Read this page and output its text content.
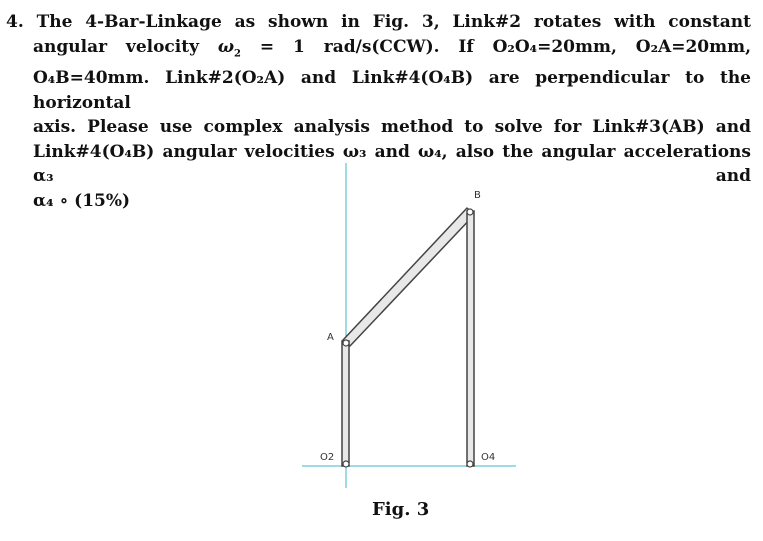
4. The 4-Bar-Linkage as shown in Fig. 3, Link#2 rotates with constant
angular velocity $\omega_2 = 1$ rad/s(CCW). If O₂O₄=20mm, O₂A=20mm,
O₄B=40mm. Link#2(O₂A) and Link#4(O₄B) are perpendicular to the horizontal
axis. Please use complex analysis method to solve for Link#3(AB) and
Link#4(O₄B) angular velocities ω₃ and ω₄, also the angular accelerations α₃ and
α₄ ∘ (15%)
A
B
O2	O4
Fig. 3
